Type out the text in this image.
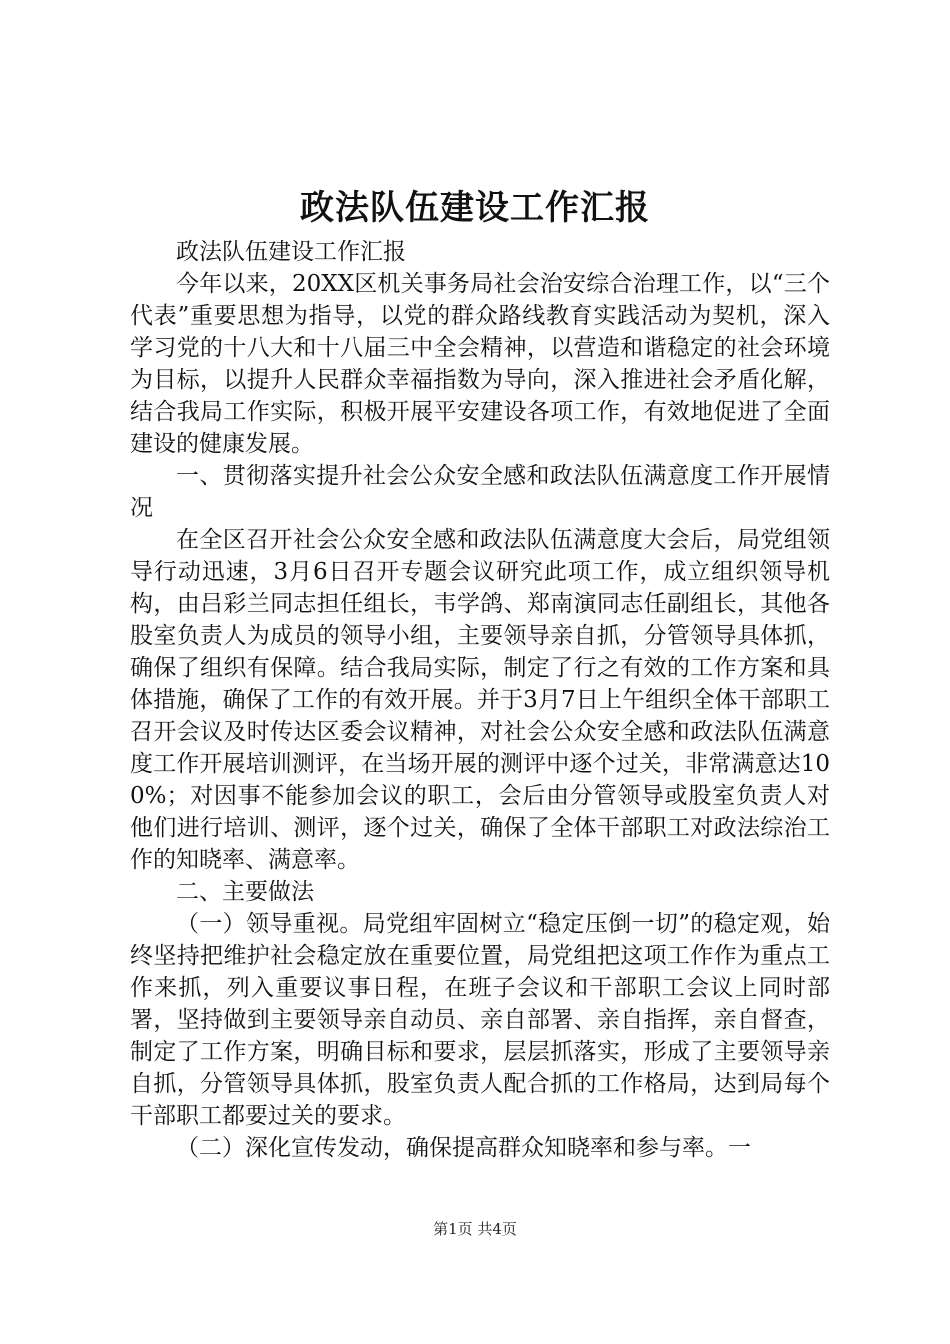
政法队伍建设工作汇报

政法队伍建设工作汇报

今年以来，20XX区机关事务局社会治安综合治理工作，以“三个代表”重要思想为指导，以党的群众路线教育实践活动为契机，深入学习党的十八大和十八届三中全会精神，以营造和谐稳定的社会环境为目标，以提升人民群众幸福指数为导向，深入推进社会矛盾化解，结合我局工作实际，积极开展平安建设各项工作，有效地促进了全面建设的健康发展。

一、贯彻落实提升社会公众安全感和政法队伍满意度工作开展情况

在全区召开社会公众安全感和政法队伍满意度大会后，局党组领导行动迅速，3月6日召开专题会议研究此项工作，成立组织领导机构，由吕彩兰同志担任组长，韦学鸽、郑南演同志任副组长，其他各股室负责人为成员的领导小组，主要领导亲自抓，分管领导具体抓，确保了组织有保障。结合我局实际，制定了行之有效的工作方案和具体措施，确保了工作的有效开展。并于3月7日上午组织全体干部职工召开会议及时传达区委会议精神，对社会公众安全感和政法队伍满意度工作开展培训测评，在当场开展的测评中逐个过关，非常满意达100%；对因事不能参加会议的职工，会后由分管领导或股室负责人对他们进行培训、测评，逐个过关，确保了全体干部职工对政法综治工作的知晓率、满意率。

二、主要做法

（一）领导重视。局党组牢固树立“稳定压倒一切”的稳定观，始终坚持把维护社会稳定放在重要位置，局党组把这项工作作为重点工作来抓，列入重要议事日程，在班子会议和干部职工会议上同时部署，坚持做到主要领导亲自动员、亲自部署、亲自指挥，亲自督查，制定了工作方案，明确目标和要求，层层抓落实，形成了主要领导亲自抓，分管领导具体抓，股室负责人配合抓的工作格局，达到局每个干部职工都要过关的要求。

（二）深化宣传发动，确保提高群众知晓率和参与率。一

第1页 共4页
